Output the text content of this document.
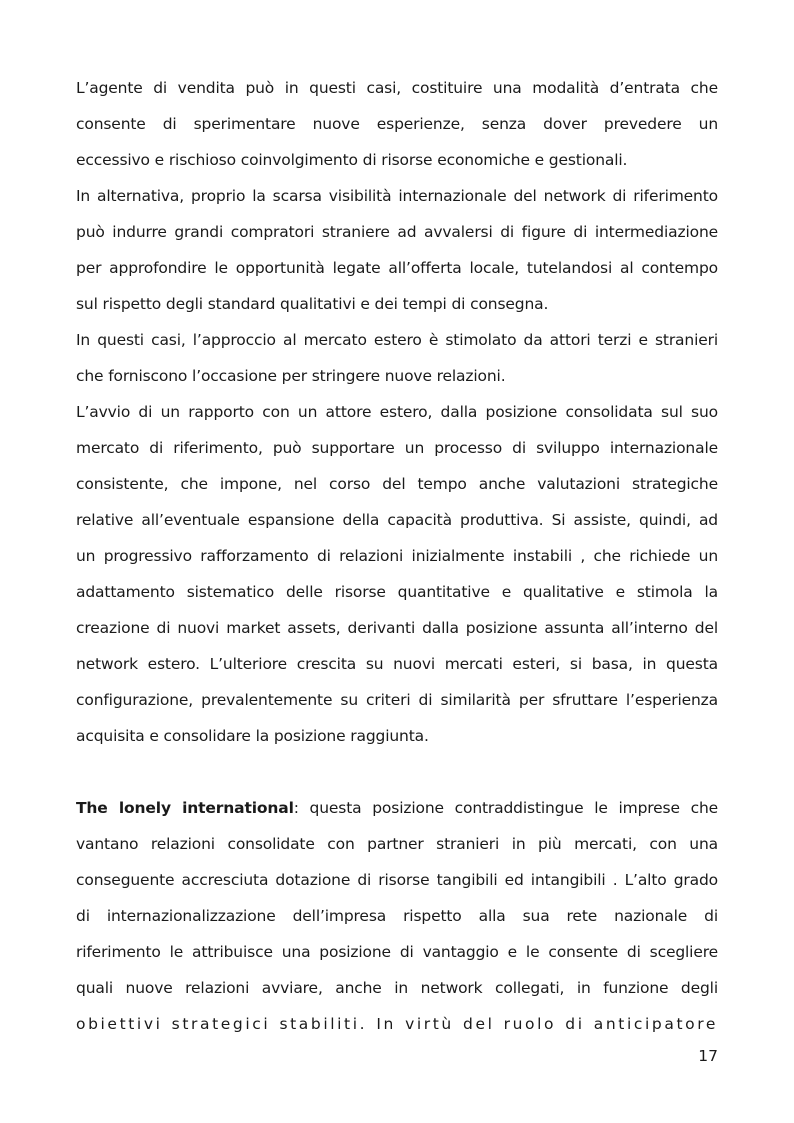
L’agente di vendita può in questi casi, costituire una modalità d’entrata che
consente di sperimentare nuove esperienze, senza dover prevedere un
eccessivo e rischioso coinvolgimento di risorse economiche e gestionali.
In alternativa, proprio la scarsa visibilità internazionale del network di riferimento
può indurre grandi compratori straniere ad avvalersi di figure di intermediazione
per approfondire le opportunità legate all’offerta locale, tutelandosi al contempo
sul rispetto degli standard qualitativi e dei tempi di consegna.
In questi casi, l’approccio al mercato estero è stimolato da attori terzi e stranieri
che forniscono l’occasione per stringere nuove relazioni.
L’avvio di un rapporto con un attore estero, dalla posizione consolidata sul suo
mercato di riferimento, può supportare un processo di sviluppo internazionale
consistente, che impone, nel corso del tempo anche valutazioni strategiche
relative all’eventuale espansione della capacità produttiva. Si assiste, quindi, ad
un progressivo rafforzamento di relazioni inizialmente instabili , che richiede un
adattamento sistematico delle risorse quantitative e qualitative e stimola la
creazione di nuovi market assets, derivanti dalla posizione assunta all’interno del
network estero. L’ulteriore crescita su nuovi mercati esteri, si basa, in questa
configurazione, prevalentemente su criteri di similarità per sfruttare l’esperienza
acquisita e consolidare la posizione raggiunta.
The lonely international: questa posizione contraddistingue le imprese che
vantano relazioni consolidate con partner stranieri in più mercati, con una
conseguente accresciuta dotazione di risorse tangibili ed intangibili . L’alto grado
di internazionalizzazione dell’impresa rispetto alla sua rete nazionale di
riferimento le attribuisce una posizione di vantaggio e le consente di scegliere
quali nuove relazioni avviare, anche in network collegati, in funzione degli
obiettivi strategici stabiliti. In virtù del ruolo di anticipatore
17
